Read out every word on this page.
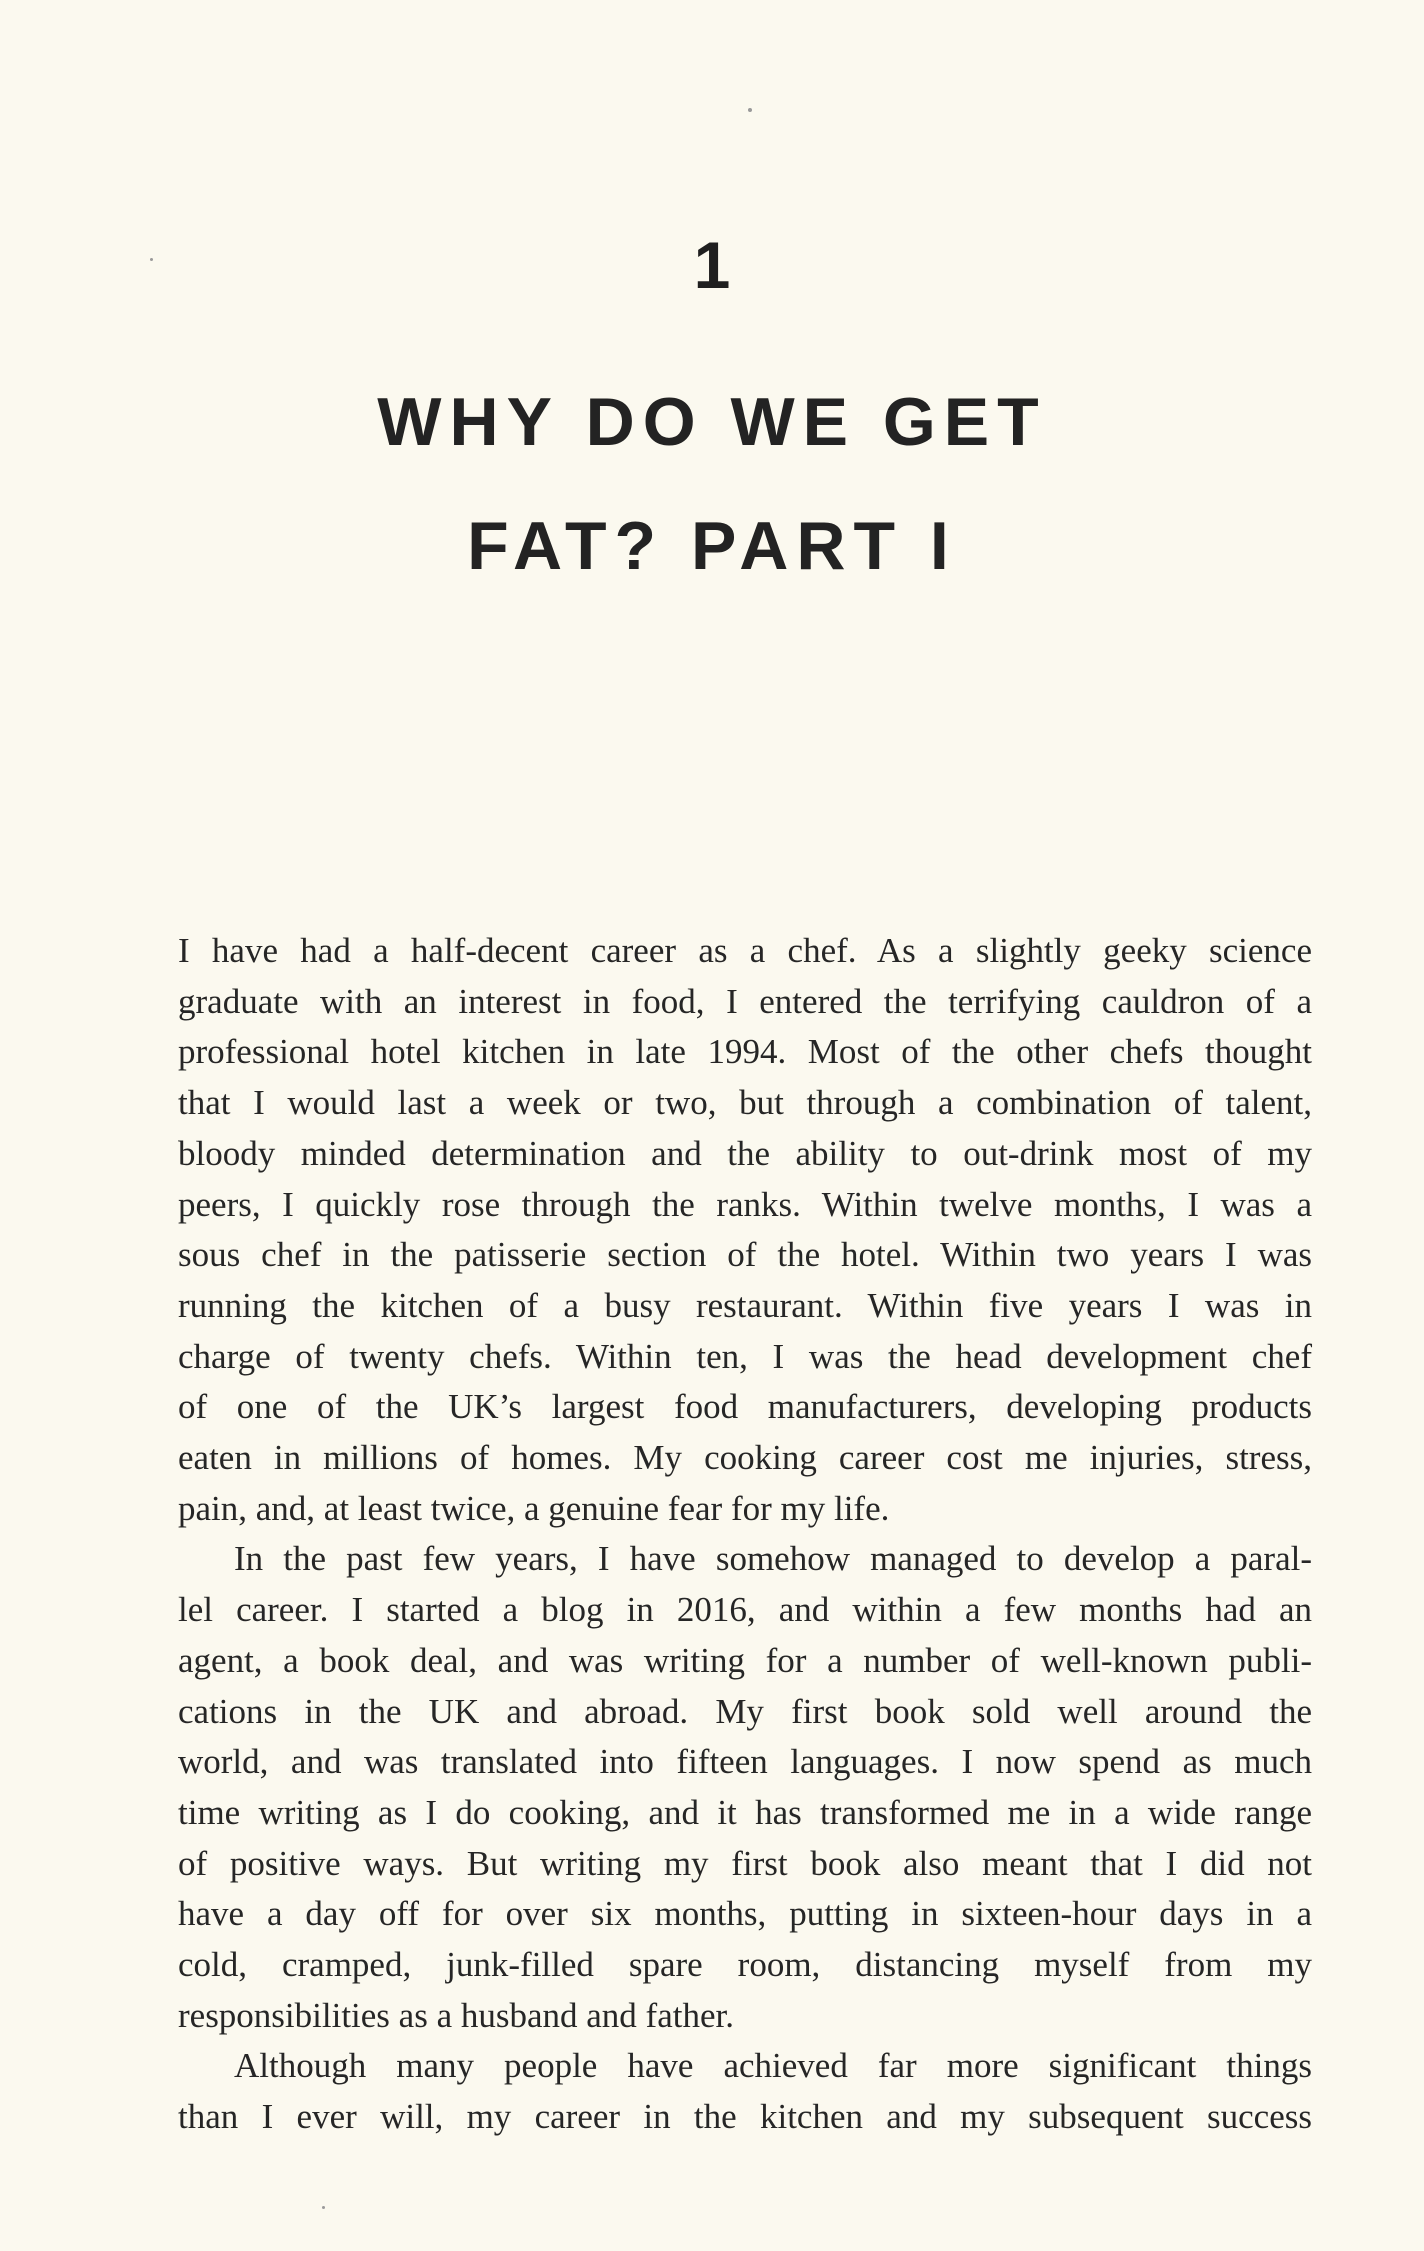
1
WHY DO WE GET
FAT? PART I

I have had a half-decent career as a chef. As a slightly geeky science
graduate with an interest in food, I entered the terrifying cauldron of a
professional hotel kitchen in late 1994. Most of the other chefs thought
that I would last a week or two, but through a combination of talent,
bloody minded determination and the ability to out-drink most of my
peers, I quickly rose through the ranks. Within twelve months, I was a
sous chef in the patisserie section of the hotel. Within two years I was
running the kitchen of a busy restaurant. Within five years I was in
charge of twenty chefs. Within ten, I was the head development chef
of one of the UK’s largest food manufacturers, developing products
eaten in millions of homes. My cooking career cost me injuries, stress,
pain, and, at least twice, a genuine fear for my life.

In the past few years, I have somehow managed to develop a paral-
lel career. I started a blog in 2016, and within a few months had an
agent, a book deal, and was writing for a number of well-known publi-
cations in the UK and abroad. My first book sold well around the
world, and was translated into fifteen languages. I now spend as much
time writing as I do cooking, and it has transformed me in a wide range
of positive ways. But writing my first book also meant that I did not
have a day off for over six months, putting in sixteen-hour days in a
cold, cramped, junk-filled spare room, distancing myself from my
responsibilities as a husband and father.

Although many people have achieved far more significant things
than I ever will, my career in the kitchen and my subsequent success
